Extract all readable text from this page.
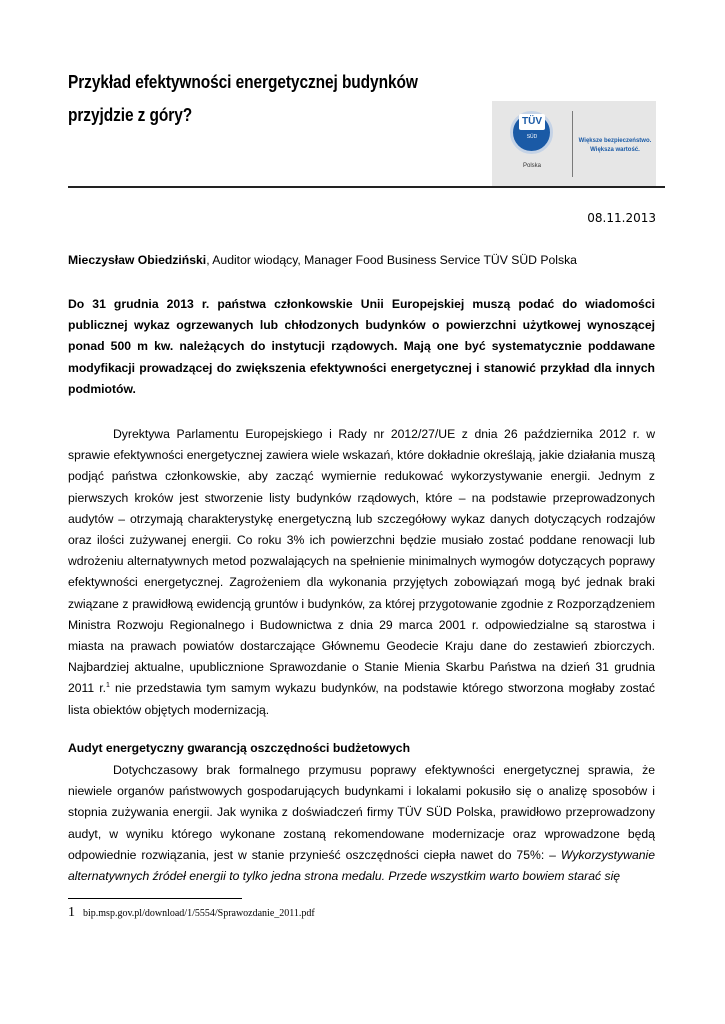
Przykład efektywności energetycznej budynków
przyjdzie z góry?	TÜV
SÜD
Polska
Większe bezpieczeństwo.
Większa wartość.
08.11.2013
Mieczysław Obiedziński, Auditor wiodący, Manager Food Business Service TÜV SÜD Polska
Do 31 grudnia 2013 r. państwa członkowskie Unii Europejskiej muszą podać do wiadomości publicznej wykaz ogrzewanych lub chłodzonych budynków o powierzchni użytkowej wynoszącej ponad 500 m kw. należących do instytucji rządowych. Mają one być systematycznie poddawane modyfikacji prowadzącej do zwiększenia efektywności energetycznej i stanowić przykład dla innych podmiotów.
Dyrektywa Parlamentu Europejskiego i Rady nr 2012/27/UE z dnia 26 października 2012 r. w sprawie efektywności energetycznej zawiera wiele wskazań, które dokładnie określają, jakie działania muszą podjąć państwa członkowskie, aby zacząć wymiernie redukować wykorzystywanie energii. Jednym z pierwszych kroków jest stworzenie listy budynków rządowych, które – na podstawie przeprowadzonych audytów – otrzymają charakterystykę energetyczną lub szczegółowy wykaz danych dotyczących rodzajów oraz ilości zużywanej energii. Co roku 3% ich powierzchni będzie musiało zostać poddane renowacji lub wdrożeniu alternatywnych metod pozwalających na spełnienie minimalnych wymogów dotyczących poprawy efektywności energetycznej. Zagrożeniem dla wykonania przyjętych zobowiązań mogą być jednak braki związane z prawidłową ewidencją gruntów i budynków, za której przygotowanie zgodnie z Rozporządzeniem Ministra Rozwoju Regionalnego i Budownictwa z dnia 29 marca 2001 r. odpowiedzialne są starostwa i miasta na prawach powiatów dostarczające Głównemu Geodecie Kraju dane do zestawień zbiorczych. Najbardziej aktualne, upublicznione Sprawozdanie o Stanie Mienia Skarbu Państwa na dzień 31 grudnia 2011 r.$^1$ nie przedstawia tym samym wykazu budynków, na podstawie którego stworzona mogłaby zostać lista obiektów objętych modernizacją.
Audyt energetyczny gwarancją oszczędności budżetowych
Dotychczasowy brak formalnego przymusu poprawy efektywności energetycznej sprawia, że niewiele organów państwowych gospodarujących budynkami i lokalami pokusiło się o analizę sposobów i stopnia zużywania energii. Jak wynika z doświadczeń firmy TÜV SÜD Polska, prawidłowo przeprowadzony audyt, w wyniku którego wykonane zostaną rekomendowane modernizacje oraz wprowadzone będą odpowiednie rozwiązania, jest w stanie przynieść oszczędności ciepła nawet do 75%: – Wykorzystywanie alternatywnych źródeł energii to tylko jedna strona medalu. Przede wszystkim warto bowiem starać się
1 bip.msp.gov.pl/download/1/5554/Sprawozdanie_2011.pdf
